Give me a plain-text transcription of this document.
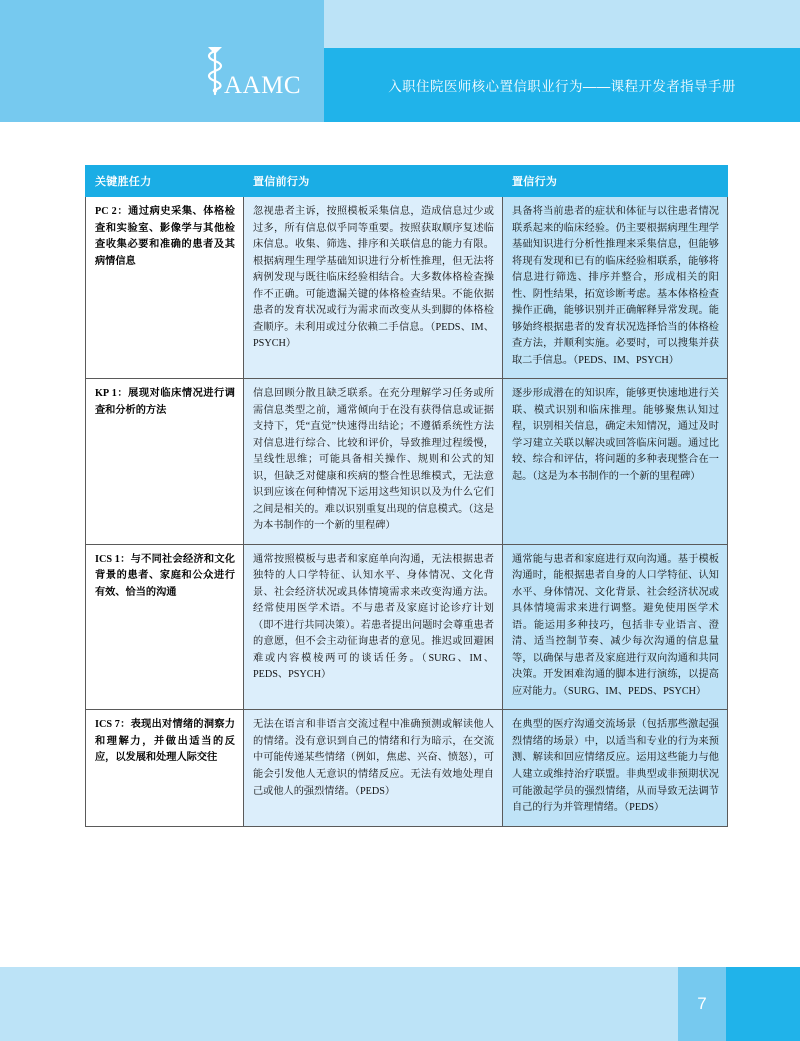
入职住院医师核心置信职业行为——课程开发者指导手册
AAMC
关键胜任力	置信前行为	置信行为
PC 2：通过病史采集、体格检查和实验室、影像学与其他检查收集必要和准确的患者及其病情信息	忽视患者主诉，按照模板采集信息，造成信息过少或过多，所有信息似乎同等重要。按照获取顺序复述临床信息。收集、筛选、排序和关联信息的能力有限。根据病理生理学基础知识进行分析性推理，但无法将病例发现与既往临床经验相结合。大多数体格检查操作不正确。可能遗漏关键的体格检查结果。不能依据患者的发育状况或行为需求而改变从头到脚的体格检查顺序。未利用或过分依赖二手信息。（PEDS、IM、PSYCH）	具备将当前患者的症状和体征与以往患者情况联系起来的临床经验。仍主要根据病理生理学基础知识进行分析性推理来采集信息，但能够将现有发现和已有的临床经验相联系，能够将信息进行筛选、排序并整合，形成相关的阳性、阴性结果，拓宽诊断考虑。基本体格检查操作正确，能够识别并正确解释异常发现。能够始终根据患者的发育状况选择恰当的体格检查方法，并顺利实施。必要时，可以搜集并获取二手信息。（PEDS、IM、PSYCH）
KP 1：展现对临床情况进行调查和分析的方法	信息回顾分散且缺乏联系。在充分理解学习任务或所需信息类型之前，通常倾向于在没有获得信息或证据支持下，凭“直觉”快速得出结论；不遵循系统性方法对信息进行综合、比较和评价，导致推理过程缓慢，呈线性思维；可能具备相关操作、规则和公式的知识，但缺乏对健康和疾病的整合性思维模式，无法意识到应该在何种情况下运用这些知识以及为什么它们之间是相关的。难以识别重复出现的信息模式。（这是为本书制作的一个新的里程碑）	逐步形成潜在的知识库，能够更快速地进行关联、模式识别和临床推理。能够聚焦认知过程，识别相关信息，确定未知情况，通过及时学习建立关联以解决或回答临床问题。通过比较、综合和评估，将问题的多种表现整合在一起。（这是为本书制作的一个新的里程碑）
ICS 1：与不同社会经济和文化背景的患者、家庭和公众进行有效、恰当的沟通	通常按照模板与患者和家庭单向沟通，无法根据患者独特的人口学特征、认知水平、身体情况、文化背景、社会经济状况或具体情境需求来改变沟通方法。经常使用医学术语。不与患者及家庭讨论诊疗计划（即不进行共同决策）。若患者提出问题时会尊重患者的意愿，但不会主动征询患者的意见。推迟或回避困难或内容模棱两可的谈话任务。（SURG、IM、PEDS、PSYCH）	通常能与患者和家庭进行双向沟通。基于模板沟通时，能根据患者自身的人口学特征、认知水平、身体情况、文化背景、社会经济状况或具体情境需求来进行调整。避免使用医学术语。能运用多种技巧，包括非专业语言、澄清、适当控制节奏、减少每次沟通的信息量等，以确保与患者及家庭进行双向沟通和共同决策。开发困难沟通的脚本进行演练，以提高应对能力。（SURG、IM、PEDS、PSYCH）
ICS 7：表现出对情绪的洞察力和理解力，并做出适当的反应，以发展和处理人际交往	无法在语言和非语言交流过程中准确预测或解读他人的情绪。没有意识到自己的情绪和行为暗示，在交流中可能传递某些情绪（例如，焦虑、兴奋、愤怒），可能会引发他人无意识的情绪反应。无法有效地处理自己或他人的强烈情绪。（PEDS）	在典型的医疗沟通交流场景（包括那些激起强烈情绪的场景）中，以适当和专业的行为来预测、解读和回应情绪反应。运用这些能力与他人建立或维持治疗联盟。非典型或非预期状况可能激起学员的强烈情绪，从而导致无法调节自己的行为并管理情绪。（PEDS）
7
